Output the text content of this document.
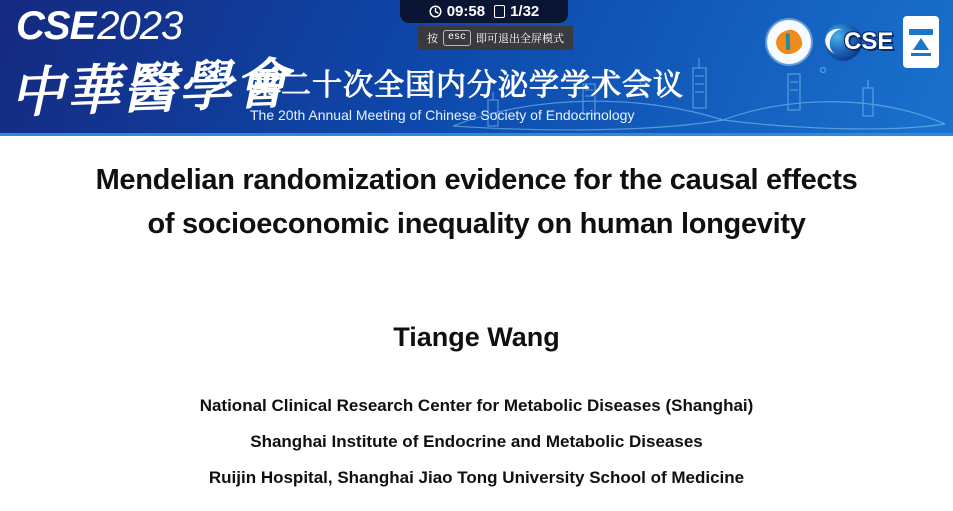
CSE2023
中華醫學會
第二十次全国内分泌学学术会议
The 20th Annual Meeting of Chinese Society of Endocrinology
CSE
09:58 1/32
按	esc 即可退出全屏模式
Mendelian randomization evidence for the causal effects
of socioeconomic inequality on human longevity
Tiange Wang
National Clinical Research Center for Metabolic Diseases (Shanghai)
Shanghai Institute of Endocrine and Metabolic Diseases
Ruijin Hospital, Shanghai Jiao Tong University School of Medicine
